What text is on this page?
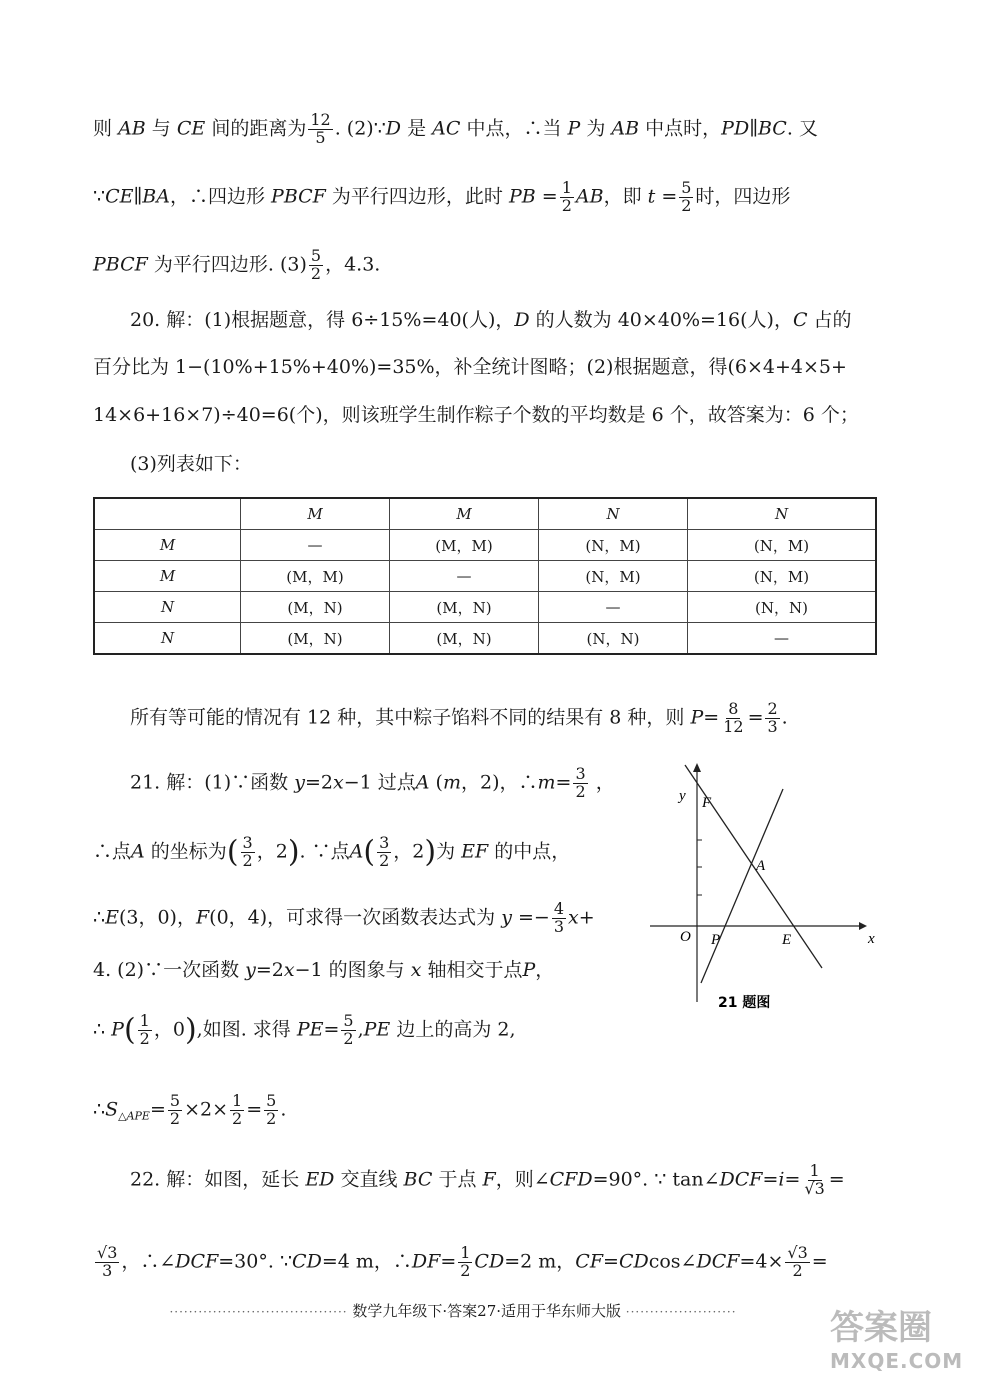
则 AB 与 CE 间的距离为 $\frac{12}{5}$ . (2)∵D 是 AC 中点，∴当 P 为 AB 中点时，PD∥BC. 又
∵CE∥BA，∴四边形 PBCF 为平行四边形，此时 PB = $\frac{1}{2}$ AB，即 $t = \frac{5}{2}$ 时，四边形
PBCF 为平行四边形. $(3) \frac{5}{2}$ ，4.3.
20. 解：(1)根据题意，得 6÷15%=40(人)，D 的人数为 40×40%=16(人)，C 占的
百分比为 1−(10%+15%+40%)=35%，补全统计图略；(2)根据题意，得(6×4+4×5+
14×6+16×7)÷40=6(个)，则该班学生制作粽子个数的平均数是 6 个，故答案为：6 个；
(3)列表如下：
	M	M	N	N
M	—	(M，M)	(N，M)	(N，M)
M	(M，M)	—	(N，M)	(N，M)
N	(M，N)	(M，N)	—	(N，N)
N	(M，N)	(M，N)	(N，N)	—
所有等可能的情况有 12 种，其中粽子馅料不同的结果有 8 种，则 $P= \frac{8}{12} = \frac{2}{3}$ .
21. 解：(1)∵函数 y=2x−1 过点A (m，2)，∴m= $\frac{3}{2}$ ，
∴点A 的坐标为( $\frac{3}{2}$ ，2). ∵点$A( \frac{3}{2}$ ，2)为 EF 的中点，
∴E(3，0)，F(0，4)，可求得一次函数表达式为 $y =- \frac{4}{3} x+$
4. (2)∵一次函数 y=2x−1 的图象与 x 轴相交于点P，
∴ $P( \frac{1}{2}$ ，0),如图. 求得 $PE= \frac{5}{2} ,PE$ 边上的高为 2,
$\therefore S_{\triangle APE}= \frac{5}{2} \times 2\times \frac{1}{2} = \frac{5}{2}$ .
y
x
O
F
A
P	E
21 题图
22. 解：如图，延长 ED 交直线 BC 于点 F，则∠CFD=90°. ∵ tan∠DCF=i= $\frac{1}{√3}$ =
$\frac{√3}{3}$ ，∴∠DCF=30°. ∵CD=4 m，∴DF= $\frac{1}{2} CD=2$ m，CF=CDcos∠DCF=4× $\frac{√3}{2}$ =
····································· 数学九年级下·答案27·适用于华东师大版 ·······················	答案圈
MXQE.COM
